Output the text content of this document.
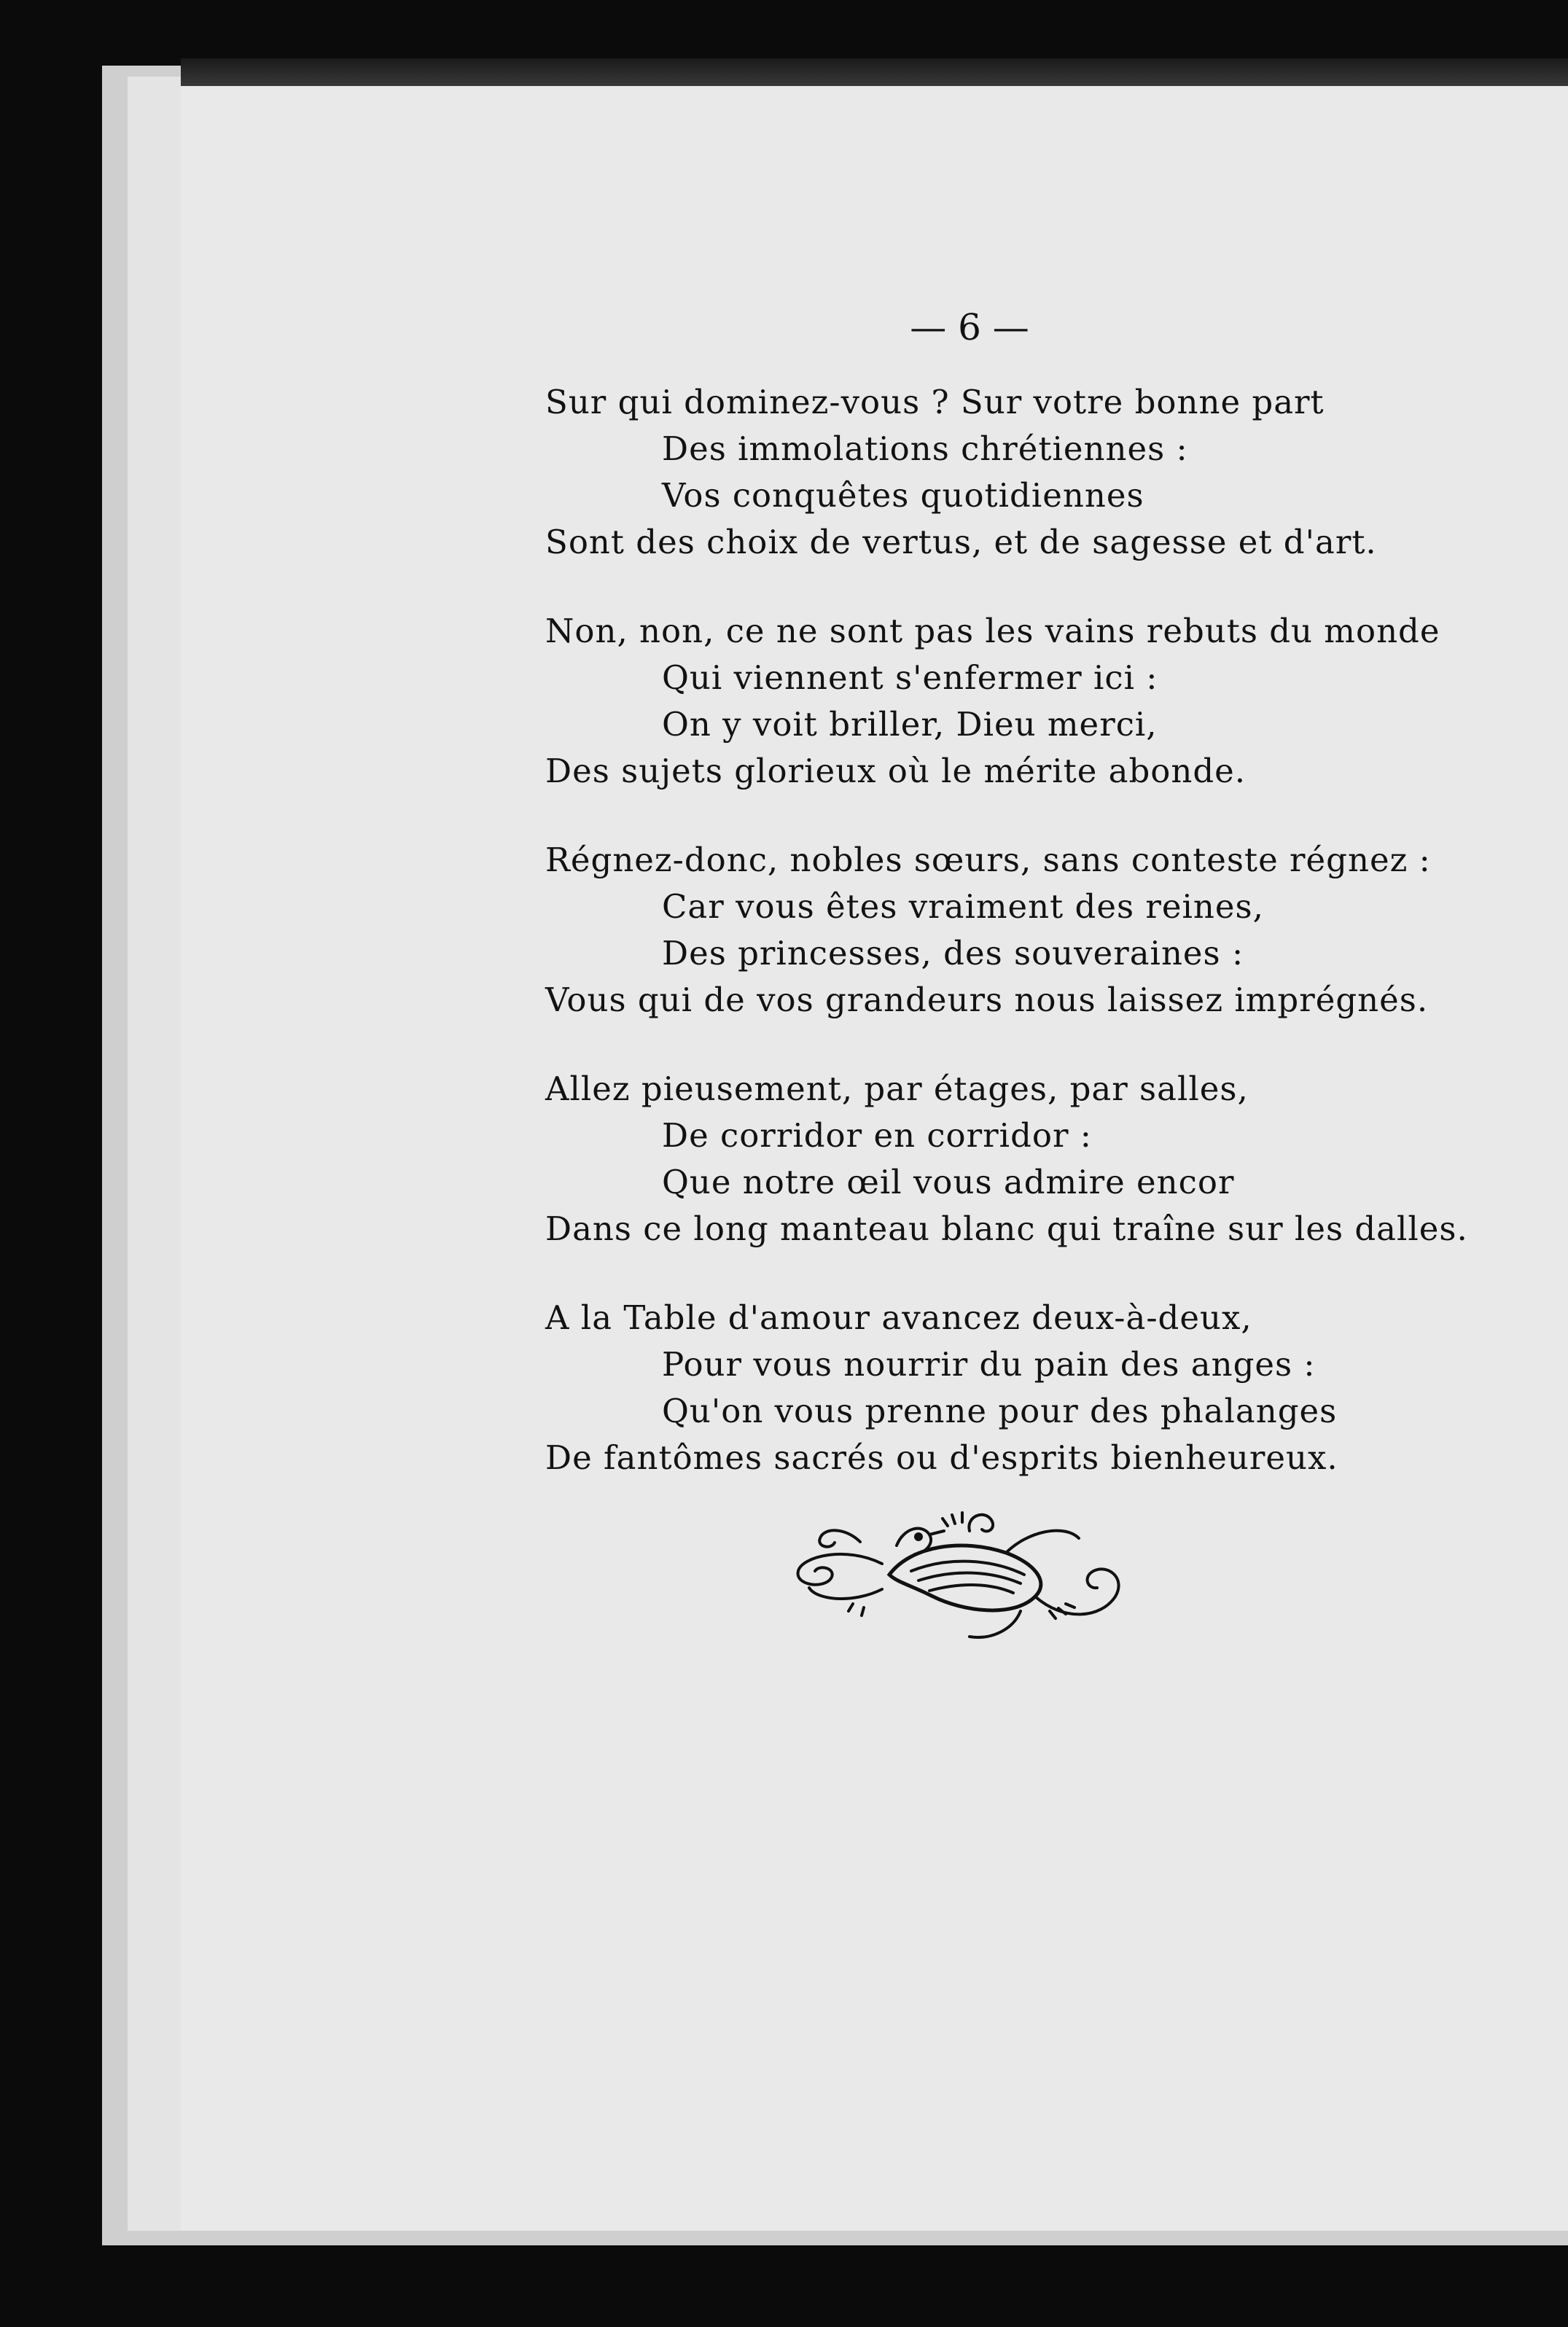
— 6 —
Sur qui dominez-vous ? Sur votre bonne part
Des immolations chrétiennes :
Vos conquêtes quotidiennes
Sont des choix de vertus, et de sagesse et d'art.
Non, non, ce ne sont pas les vains rebuts du monde
Qui viennent s'enfermer ici :
On y voit briller, Dieu merci,
Des sujets glorieux où le mérite abonde.
Régnez-donc, nobles sœurs, sans conteste régnez :
Car vous êtes vraiment des reines,
Des princesses, des souveraines :
Vous qui de vos grandeurs nous laissez imprégnés.
Allez pieusement, par étages, par salles,
De corridor en corridor :
Que notre œil vous admire encor
Dans ce long manteau blanc qui traîne sur les dalles.
A la Table d'amour avancez deux-à-deux,
Pour vous nourrir du pain des anges :
Qu'on vous prenne pour des phalanges
De fantômes sacrés ou d'esprits bienheureux.
